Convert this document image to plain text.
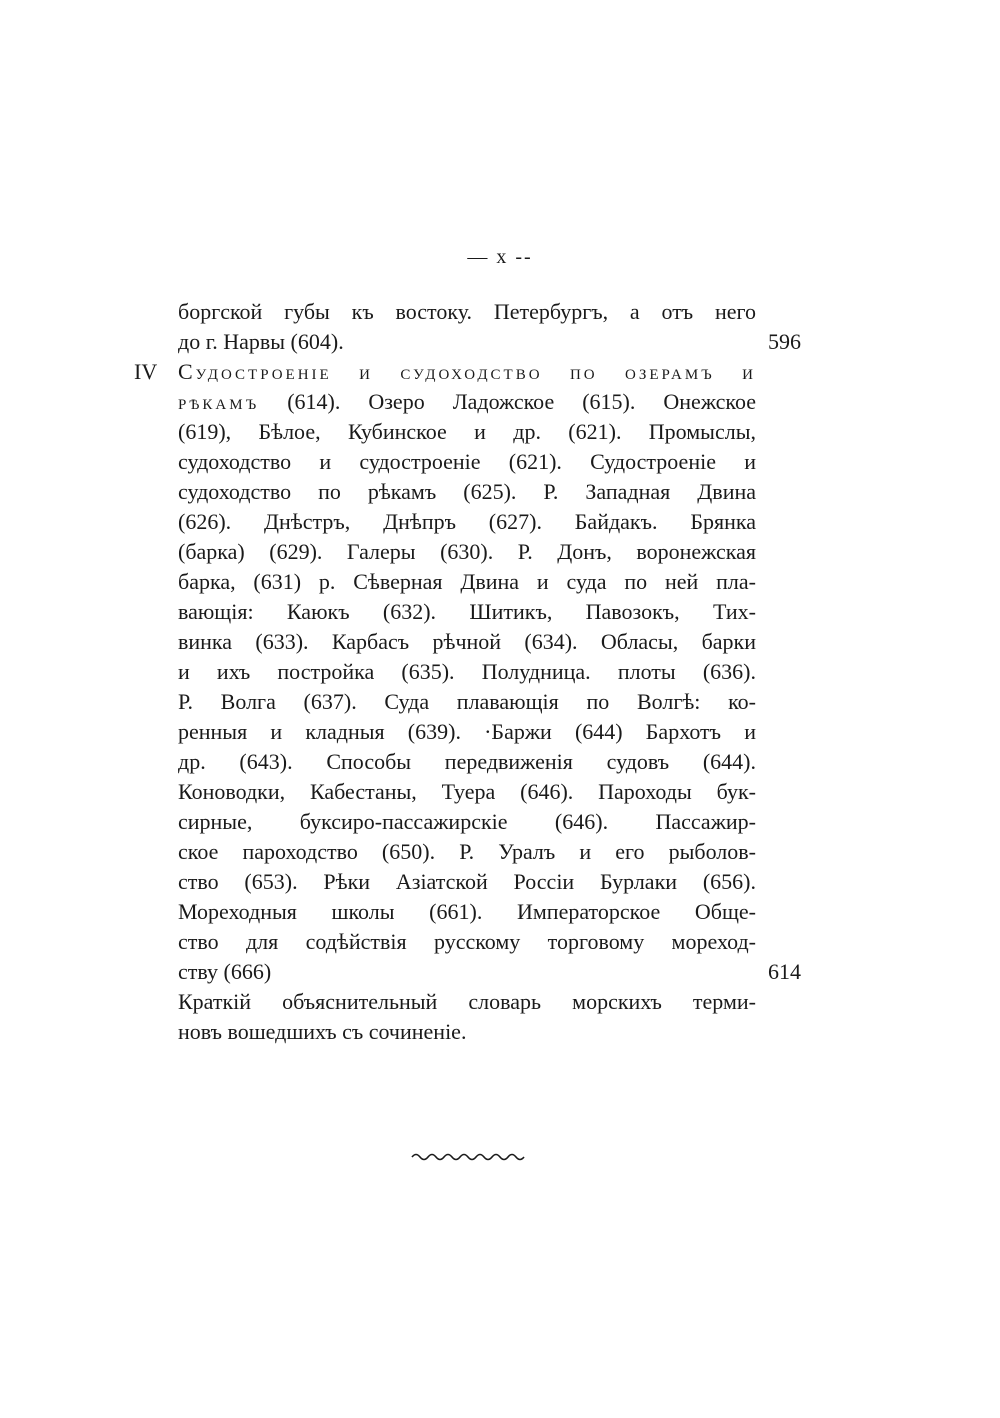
— x --
боргской губы къ востоку. Петербургъ, а отъ него
до г. Нарвы (604).	596
IV Судостроеніе и судоходство по озерамъ и
рѣкамъ (614). Озеро Ладожское (615). Онежское
(619), Бѣлое, Кубинское и др. (621). Промыслы,
судоходство и судостроеніе (621). Судостроеніе и
судоходство по рѣкамъ (625). Р. Западная Двина
(626). Днѣстръ, Днѣпръ (627). Байдакъ. Брянка
(барка) (629). Галеры (630). Р. Донъ, воронежская
барка, (631) р. Сѣверная Двина и суда по ней пла-
вающія: Каюкъ (632). Шитикъ, Павозокъ, Тих-
винка (633). Карбасъ рѣчной (634). Обласы, барки
и ихъ постройка (635). Полудница. плоты (636).
Р. Волга (637). Суда плавающія по Волгѣ: ко-
ренныя и кладныя (639). ·Баржи (644) Бархотъ и
др. (643). Способы передвиженія судовъ (644).
Коноводки, Кабестаны, Туера (646). Пароходы бук-
сирные, буксиро-пассажирскіе (646). Пассажир-
ское пароходство (650). Р. Уралъ и его рыболов-
ство (653). Рѣки Азіатской Россіи Бурлаки (656).
Мореходныя школы (661). Императорское Обще-
ство для содѣйствія русскому торговому мореход-
ству (666)	614
Краткій объяснительный словарь морскихъ терми-
новъ вошедшихъ съ сочиненіе.
